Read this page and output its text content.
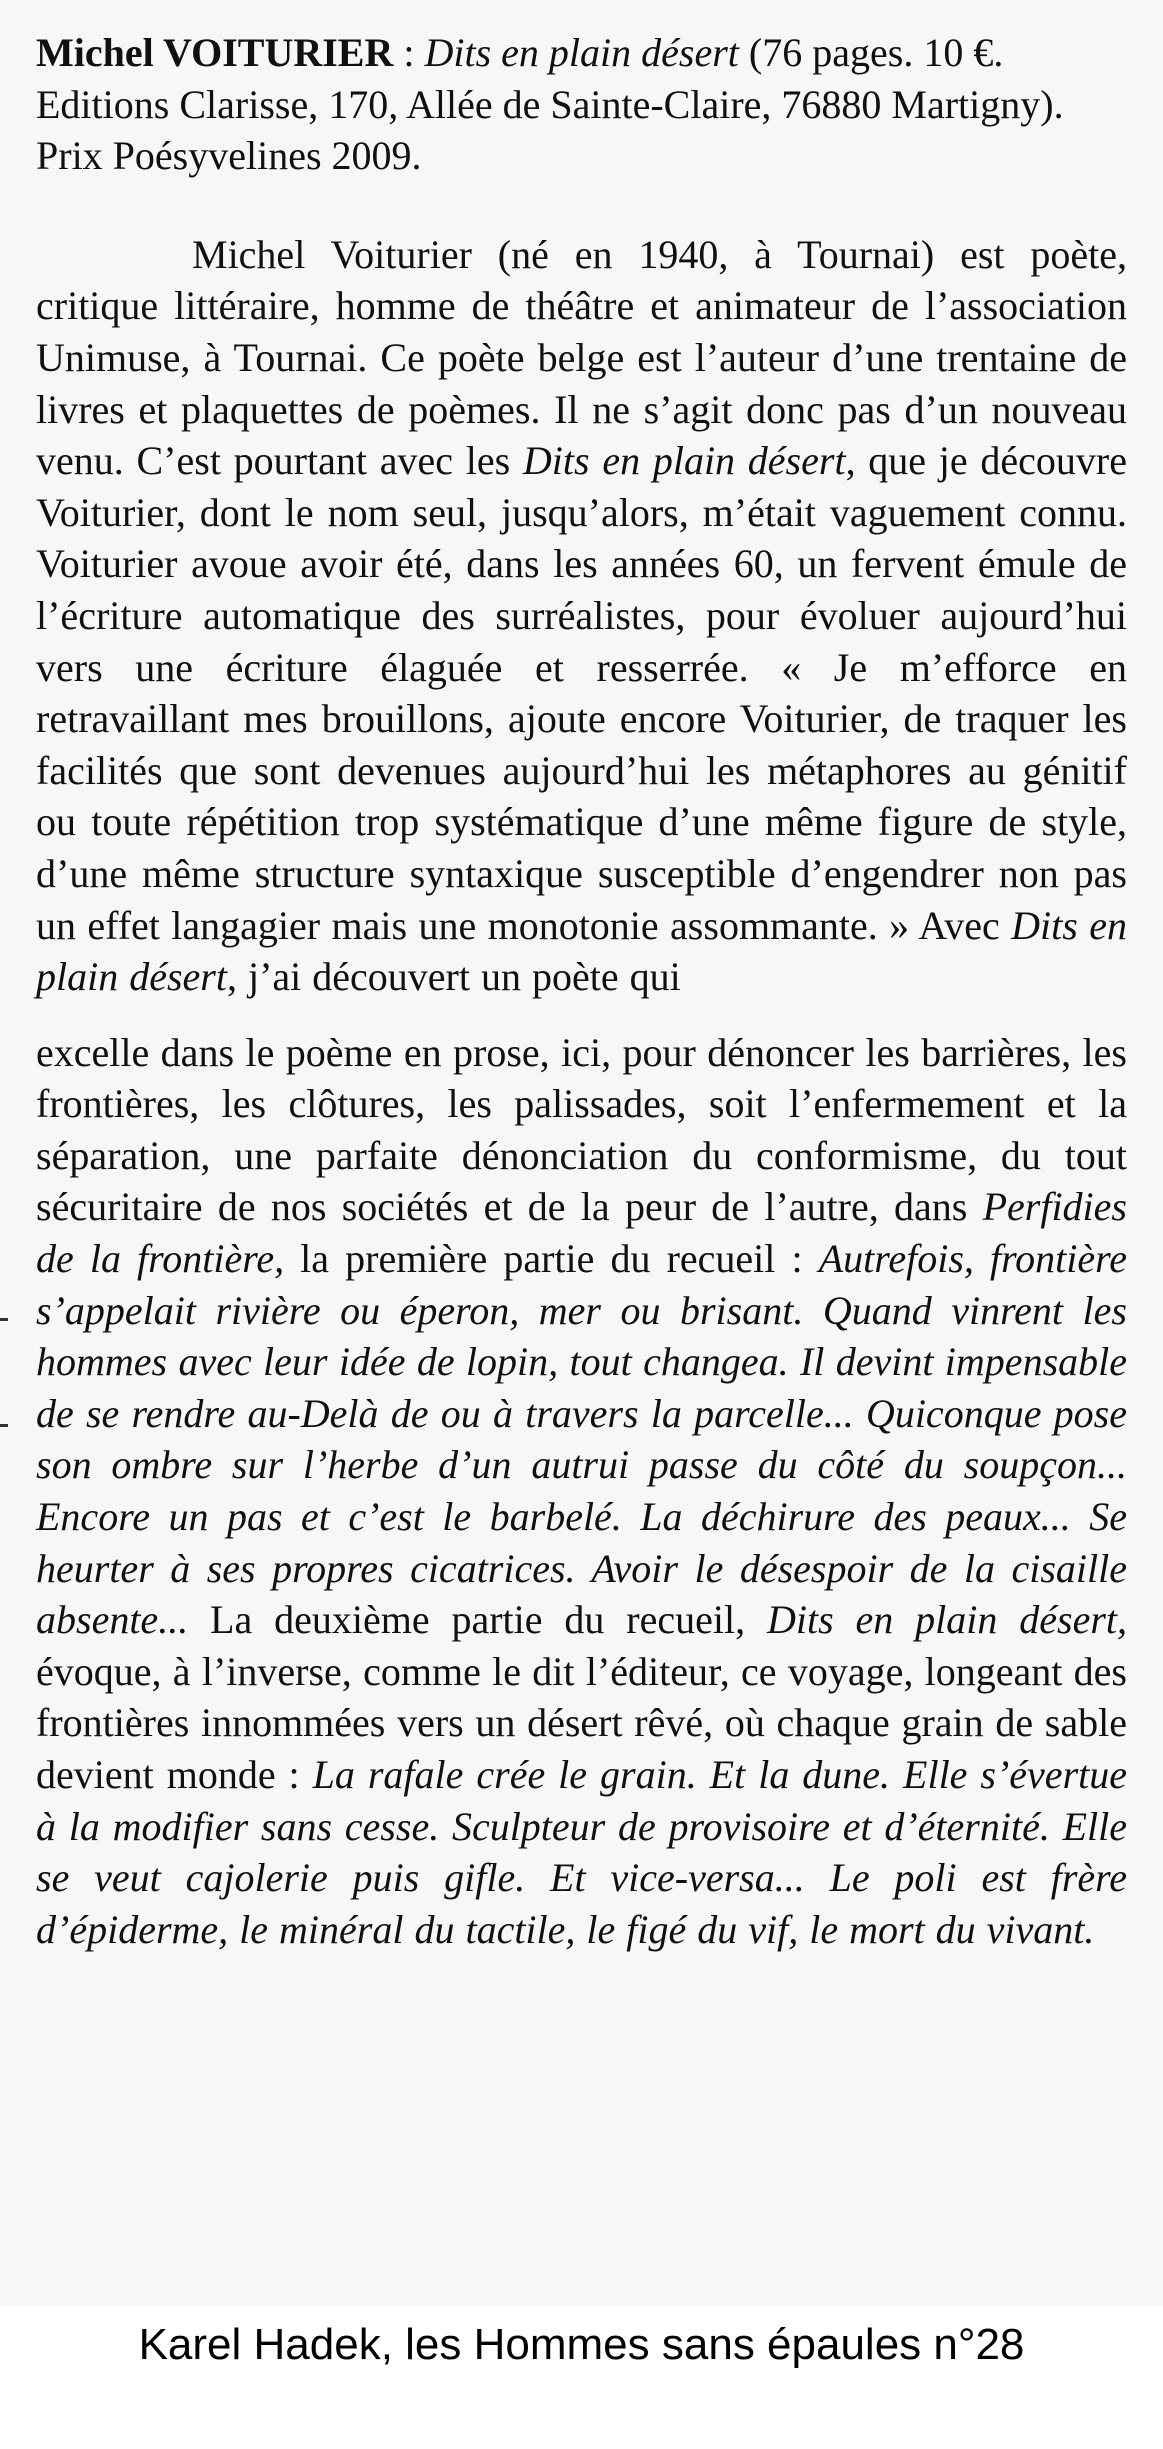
Michel VOITURIER : Dits en plain désert (76 pages. 10 €. Editions Clarisse, 170, Allée de Sainte-Claire, 76880 Martigny). Prix Poésyvelines 2009.

Michel Voiturier (né en 1940, à Tournai) est poète, critique littéraire, homme de théâtre et animateur de l’association Unimuse, à Tournai. Ce poète belge est l’auteur d’une trentaine de livres et plaquettes de poèmes. Il ne s’agit donc pas d’un nouveau venu. C’est pourtant avec les Dits en plain désert, que je découvre Voiturier, dont le nom seul, jusqu’alors, m’était vaguement connu. Voiturier avoue avoir été, dans les années 60, un fervent émule de l’écriture automatique des surréalistes, pour évoluer aujourd’hui vers une écriture élaguée et resserrée. « Je m’efforce en retravaillant mes brouillons, ajoute encore Voiturier, de traquer les facilités que sont devenues aujourd’hui les métaphores au génitif ou toute répétition trop systématique d’une même figure de style, d’une même structure syntaxique susceptible d’engendrer non pas un effet langagier mais une monotonie assommante. » Avec Dits en plain désert, j’ai découvert un poète qui

excelle dans le poème en prose, ici, pour dénoncer les barrières, les frontières, les clôtures, les palissades, soit l’enfermement et la séparation, une parfaite dénonciation du conformisme, du tout sécuritaire de nos sociétés et de la peur de l’autre, dans Perfidies de la frontière, la première partie du recueil : Autrefois, frontière s’appelait rivière ou éperon, mer ou brisant. Quand vinrent les hommes avec leur idée de lopin, tout changea. Il devint impensable de se rendre au-Delà de ou à travers la parcelle... Quiconque pose son ombre sur l’herbe d’un autrui passe du côté du soupçon... Encore un pas et c’est le barbelé. La déchirure des peaux... Se heurter à ses propres cicatrices. Avoir le désespoir de la cisaille absente... La deuxième partie du recueil, Dits en plain désert, évoque, à l’inverse, comme le dit l’éditeur, ce voyage, longeant des frontières innommées vers un désert rêvé, où chaque grain de sable devient monde : La rafale crée le grain. Et la dune. Elle s’évertue à la modifier sans cesse. Sculpteur de provisoire et d’éternité. Elle se veut cajolerie puis gifle. Et vice-versa... Le poli est frère d’épiderme, le minéral du tactile, le figé du vif, le mort du vivant.

Karel Hadek, les Hommes sans épaules n°28
